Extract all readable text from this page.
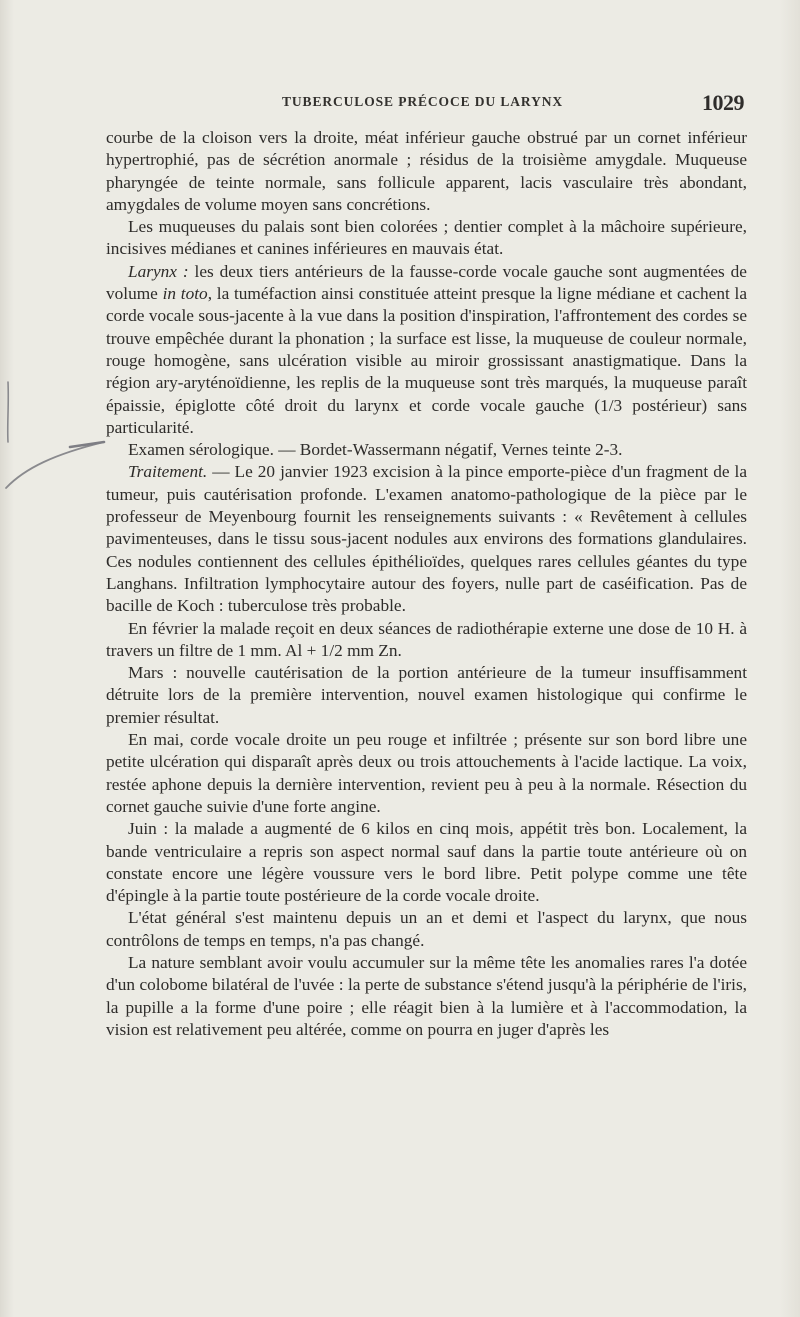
TUBERCULOSE PRÉCOCE DU LARYNX	1029

courbe de la cloison vers la droite, méat inférieur gauche obstrué par un cornet inférieur hypertrophié, pas de sécrétion anormale ; résidus de la troisième amygdale. Muqueuse pharyngée de teinte normale, sans follicule apparent, lacis vasculaire très abondant, amygdales de volume moyen sans concrétions.

Les muqueuses du palais sont bien colorées ; dentier complet à la mâchoire supérieure, incisives médianes et canines inférieures en mauvais état.

Larynx : les deux tiers antérieurs de la fausse-corde vocale gauche sont augmentées de volume in toto, la tuméfaction ainsi constituée atteint presque la ligne médiane et cachent la corde vocale sous-jacente à la vue dans la position d'inspiration, l'affrontement des cordes se trouve empêchée durant la phonation ; la surface est lisse, la muqueuse de couleur normale, rouge homogène, sans ulcération visible au miroir grossissant anastigmatique. Dans la région ary-aryténoïdienne, les replis de la muqueuse sont très marqués, la muqueuse paraît épaissie, épiglotte côté droit du larynx et corde vocale gauche (1/3 postérieur) sans particularité.

Examen sérologique. — Bordet-Wassermann négatif, Vernes teinte 2-3.

Traitement. — Le 20 janvier 1923 excision à la pince emporte-pièce d'un fragment de la tumeur, puis cautérisation profonde. L'examen anatomo-pathologique de la pièce par le professeur de Meyenbourg fournit les renseignements suivants : « Revêtement à cellules pavimenteuses, dans le tissu sous-jacent nodules aux environs des formations glandulaires. Ces nodules contiennent des cellules épithélioïdes, quelques rares cellules géantes du type Langhans. Infiltration lymphocytaire autour des foyers, nulle part de caséification. Pas de bacille de Koch : tuberculose très probable.

En février la malade reçoit en deux séances de radiothérapie externe une dose de 10 H. à travers un filtre de 1 mm. Al + 1/2 mm Zn.

Mars : nouvelle cautérisation de la portion antérieure de la tumeur insuffisamment détruite lors de la première intervention, nouvel examen histologique qui confirme le premier résultat.

En mai, corde vocale droite un peu rouge et infiltrée ; présente sur son bord libre une petite ulcération qui disparaît après deux ou trois attouchements à l'acide lactique. La voix, restée aphone depuis la dernière intervention, revient peu à peu à la normale. Résection du cornet gauche suivie d'une forte angine.

Juin : la malade a augmenté de 6 kilos en cinq mois, appétit très bon. Localement, la bande ventriculaire a repris son aspect normal sauf dans la partie toute antérieure où on constate encore une légère voussure vers le bord libre. Petit polype comme une tête d'épingle à la partie toute postérieure de la corde vocale droite.

L'état général s'est maintenu depuis un an et demi et l'aspect du larynx, que nous contrôlons de temps en temps, n'a pas changé.

La nature semblant avoir voulu accumuler sur la même tête les anomalies rares l'a dotée d'un colobome bilatéral de l'uvée : la perte de substance s'étend jusqu'à la périphérie de l'iris, la pupille a la forme d'une poire ; elle réagit bien à la lumière et à l'accommodation, la vision est relativement peu altérée, comme on pourra en juger d'après les
